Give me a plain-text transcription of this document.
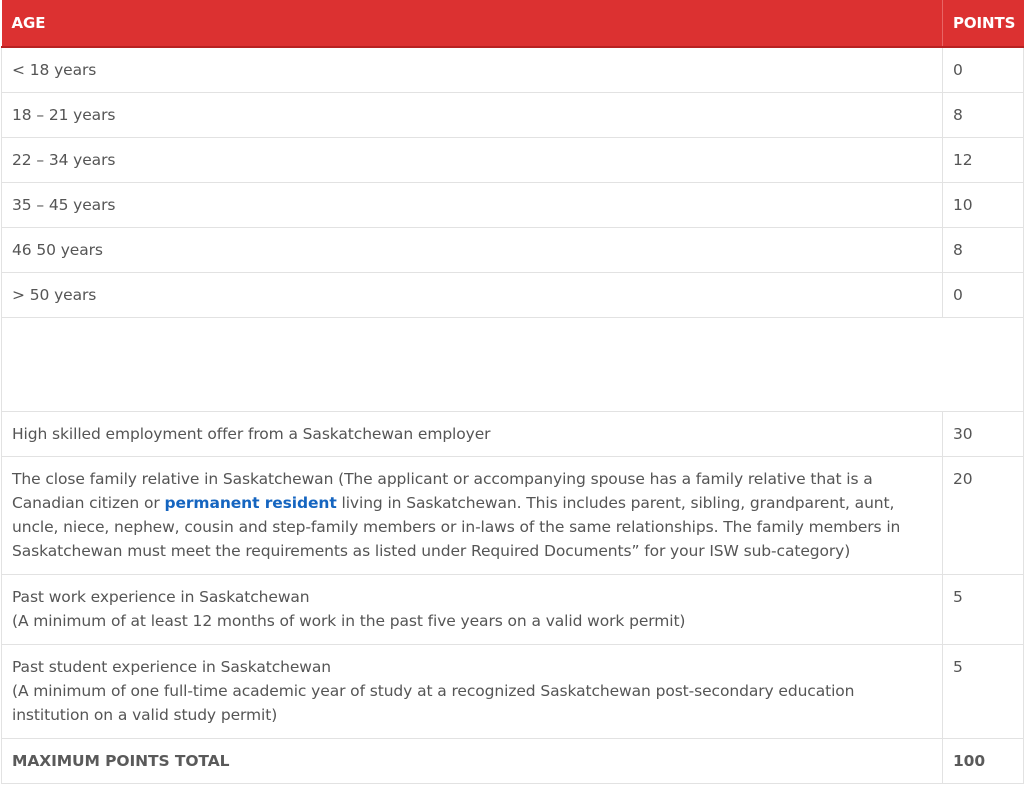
AGE	POINTS
< 18 years	0
18 – 21 years	8
22 – 34 years	12
35 – 45 years	10
46 50 years	8
> 50 years	0

High skilled employment offer from a Saskatchewan employer	30
The close family relative in Saskatchewan (The applicant or accompanying spouse has a family relative that is a Canadian citizen or permanent resident living in Saskatchewan. This includes parent, sibling, grandparent, aunt, uncle, niece, nephew, cousin and step-family members or in-laws of the same relationships. The family members in Saskatchewan must meet the requirements as listed under Required Documents” for your ISW sub-category)	20
Past work experience in Saskatchewan
(A minimum of at least 12 months of work in the past five years on a valid work permit)	5
Past student experience in Saskatchewan
(A minimum of one full-time academic year of study at a recognized Saskatchewan post-secondary education institution on a valid study permit)	5
MAXIMUM POINTS TOTAL	100
